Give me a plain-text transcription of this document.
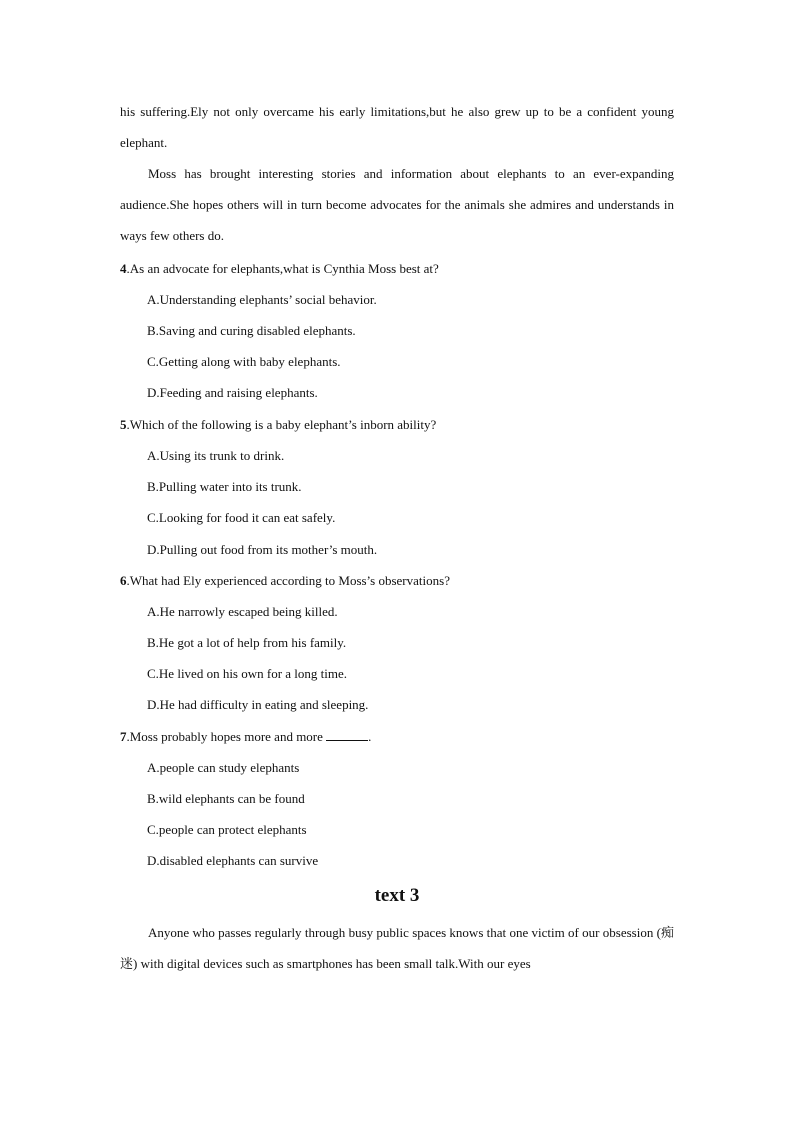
his suffering.Ely not only overcame his early limitations,but he also grew up to be a confident young elephant.

Moss has brought interesting stories and information about elephants to an ever-expanding audience.She hopes others will in turn become advocates for the animals she admires and understands in ways few others do.

4.As an advocate for elephants,what is Cynthia Moss best at?

A.Understanding elephants’ social behavior.

B.Saving and curing disabled elephants.

C.Getting along with baby elephants.

D.Feeding and raising elephants.

5.Which of the following is a baby elephant’s inborn ability?

A.Using its trunk to drink.

B.Pulling water into its trunk.

C.Looking for food it can eat safely.

D.Pulling out food from its mother’s mouth.

6.What had Ely experienced according to Moss’s observations?

A.He narrowly escaped being killed.

B.He got a lot of help from his family.

C.He lived on his own for a long time.

D.He had difficulty in eating and sleeping.

7.Moss probably hopes more and more	.

A.people can study elephants

B.wild elephants can be found

C.people can protect elephants

D.disabled elephants can survive

text 3

Anyone who passes regularly through busy public spaces knows that one victim of our obsession (痴迷) with digital devices such as smartphones has been small talk.With our eyes
